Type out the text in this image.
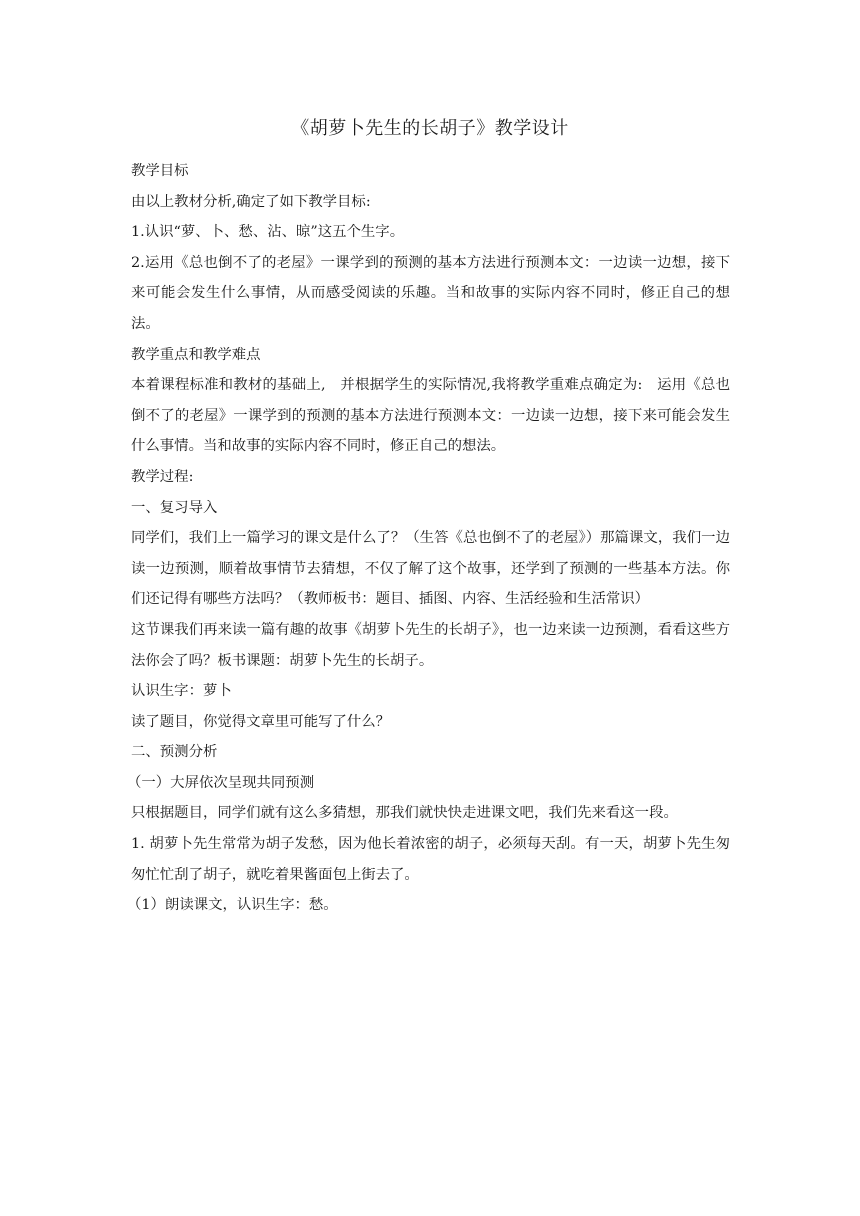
《胡萝卜先生的长胡子》教学设计

教学目标

由以上教材分析,确定了如下教学目标:

1.认识“萝、卜、愁、沾、晾”这五个生字。

2.运用《总也倒不了的老屋》一课学到的预测的基本方法进行预测本文：一边读一边想，接下来可能会发生什么事情，从而感受阅读的乐趣。当和故事的实际内容不同时，修正自己的想法。

教学重点和教学难点

本着课程标准和教材的基础上,　并根据学生的实际情况,我将教学重难点确定为:　运用《总也倒不了的老屋》一课学到的预测的基本方法进行预测本文：一边读一边想，接下来可能会发生什么事情。当和故事的实际内容不同时，修正自己的想法。

教学过程:

一、复习导入

同学们，我们上一篇学习的课文是什么了？（生答《总也倒不了的老屋》）那篇课文，我们一边读一边预测，顺着故事情节去猜想，不仅了解了这个故事，还学到了预测的一些基本方法。你们还记得有哪些方法吗？（教师板书：题目、插图、内容、生活经验和生活常识）

这节课我们再来读一篇有趣的故事《胡萝卜先生的长胡子》，也一边来读一边预测，看看这些方法你会了吗？板书课题：胡萝卜先生的长胡子。

认识生字：萝卜

读了题目，你觉得文章里可能写了什么？

二、预测分析

（一）大屏依次呈现共同预测

只根据题目，同学们就有这么多猜想，那我们就快快走进课文吧，我们先来看这一段。

1. 胡萝卜先生常常为胡子发愁，因为他长着浓密的胡子，必须每天刮。有一天，胡萝卜先生匆匆忙忙刮了胡子，就吃着果酱面包上街去了。

（1）朗读课文，认识生字：愁。
